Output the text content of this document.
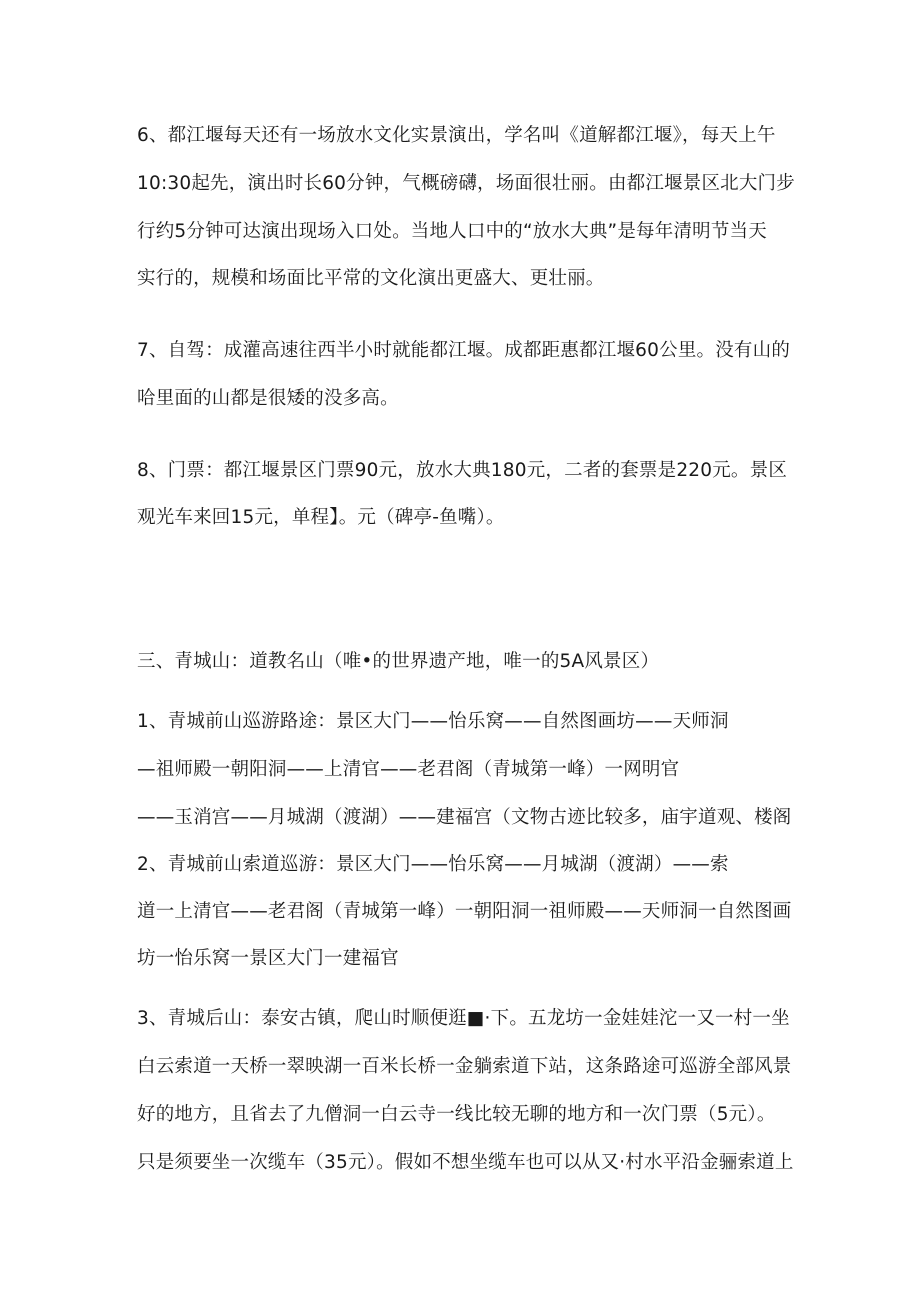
6、都江堰每天还有一场放水文化实景演出，学名叫《道解都江堰》，每天上午
10:30起先，演出时长60分钟，气概磅礴，场面很壮丽。由都江堰景区北大门步
行约5分钟可达演出现场入口处。当地人口中的“放水大典”是每年清明节当天
实行的，规模和场面比平常的文化演出更盛大、更壮丽。
7、自驾：成灌高速往西半小时就能都江堰。成都距惠都江堰60公里。没有山的
哈里面的山都是很矮的没多高。
8、门票：都江堰景区门票90元，放水大典180元，二者的套票是220元。景区
观光车来回15元，单程】。元（碑亭-鱼嘴）。
三、青城山：道教名山（唯•的世界遗产地，唯一的5A风景区）
1、青城前山巡游路途：景区大门——怡乐窝——自然图画坊——天师洞
—祖师殿一朝阳洞——上清官——老君阁（青城第一峰）一网明官
——玉消宫——月城湖（渡湖）——建福宫（文物古迹比较多，庙宇道观、楼阁
2、青城前山索道巡游：景区大门——怡乐窝——月城湖（渡湖）——索
道一上清官——老君阁（青城第一峰）一朝阳洞一祖师殿——天师洞一自然图画
坊一怡乐窝一景区大门一建福官
3、青城后山：泰安古镇，爬山时顺便逛■·下。五龙坊一金娃娃沱一又一村一坐
白云索道一天桥一翠映湖一百米长桥一金躺索道下站，这条路途可巡游全部风景
好的地方，且省去了九僧洞一白云寺一线比较无聊的地方和一次门票（5元）。
只是须要坐一次缆车（35元）。假如不想坐缆车也可以从又·村水平沿金骊索道上
